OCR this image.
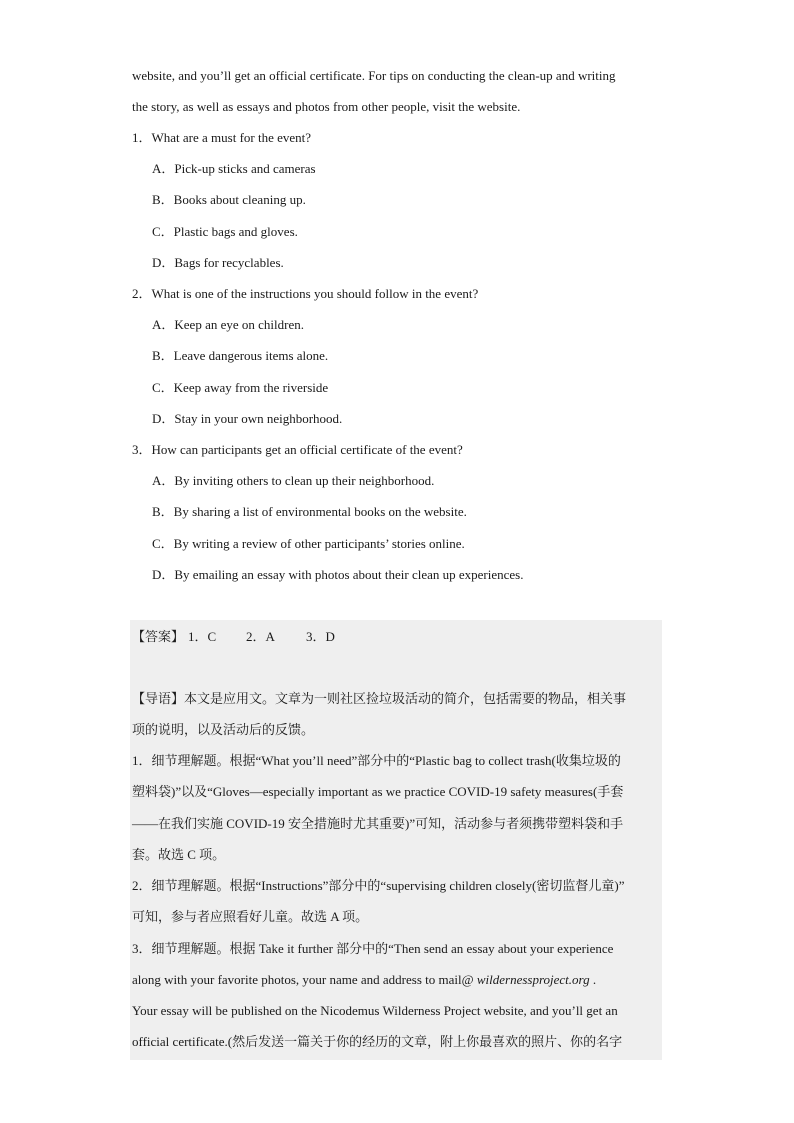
website, and you’ll get an official certificate. For tips on conducting the clean-up and writing
the story, as well as essays and photos from other people, visit the website.
1．What are a must for the event?
A．Pick-up sticks and cameras
B．Books about cleaning up.
C．Plastic bags and gloves.
D．Bags for recyclables.
2．What is one of the instructions you should follow in the event?
A．Keep an eye on children.
B．Leave dangerous items alone.
C．Keep away from the riverside
D．Stay in your own neighborhood.
3．How can participants get an official certificate of the event?
A．By inviting others to clean up their neighborhood.
B．By sharing a list of environmental books on the website.
C．By writing a review of other participants’ stories online.
D．By emailing an essay with photos about their clean up experiences.
【答案】 1．C 2．A 3．D
【导语】本文是应用文。文章为一则社区捡垃圾活动的简介，包括需要的物品，相关事
项的说明，以及活动后的反馈。
1．细节理解题。根据“What you’ll need”部分中的“Plastic bag to collect trash(收集垃圾的
塑料袋)”以及“Gloves—especially important as we practice COVID-19 safety measures(手套
——在我们实施 COVID-19 安全措施时尤其重要)”可知，活动参与者须携带塑料袋和手
套。故选 C 项。
2．细节理解题。根据“Instructions”部分中的“supervising children closely(密切监督儿童)”
可知，参与者应照看好儿童。故选 A 项。
3．细节理解题。根据 Take it further 部分中的“Then send an essay about your experience
along with your favorite photos, your name and address to mail@ wildernessproject.org .
Your essay will be published on the Nicodemus Wilderness Project website, and you’ll get an
official certificate.(然后发送一篇关于你的经历的文章，附上你最喜欢的照片、你的名字
